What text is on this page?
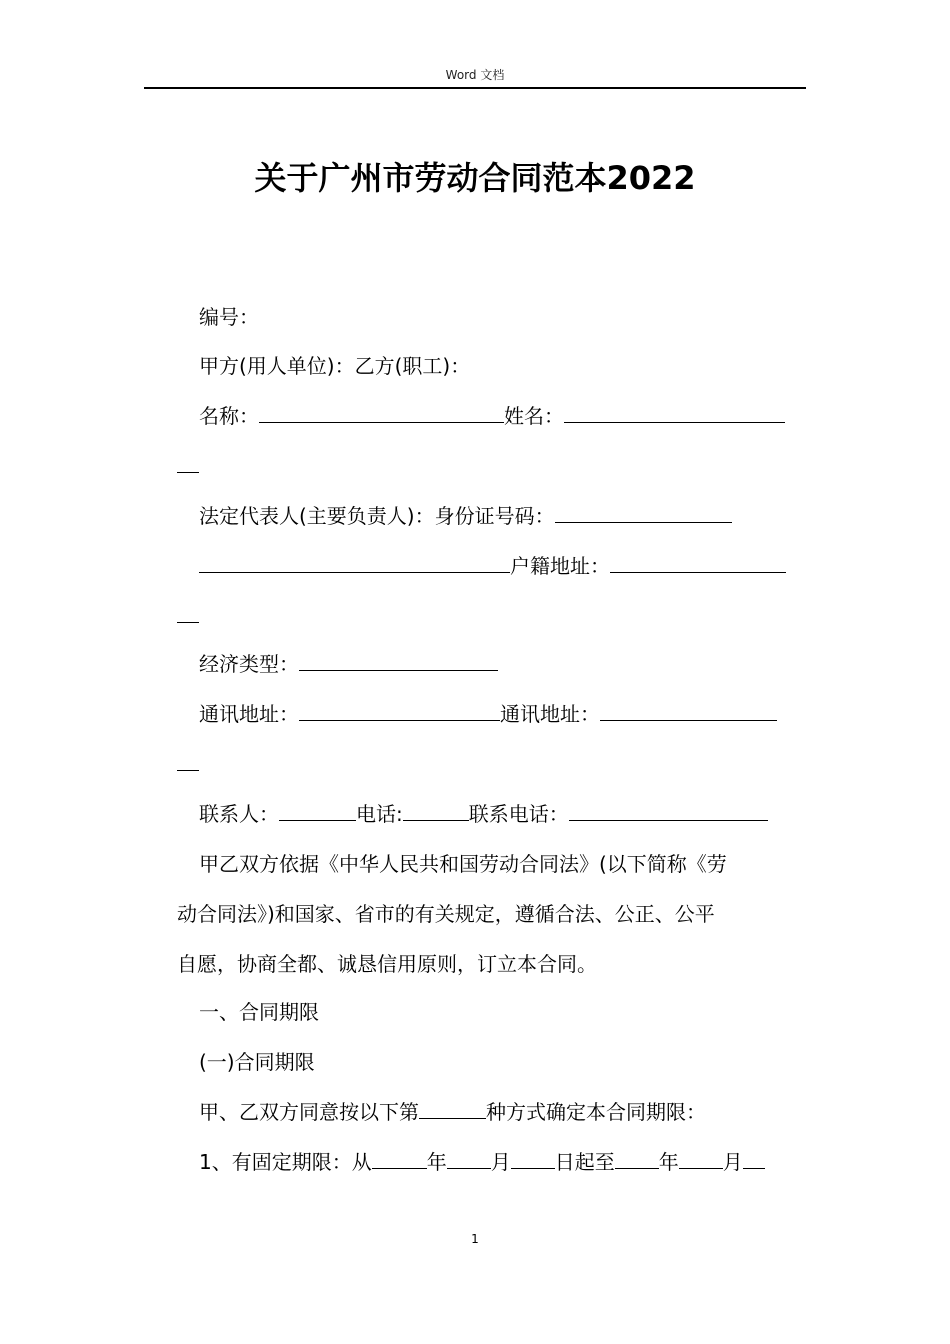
Word 文档
关于广州市劳动合同范本2022
编号：
甲方(用人单位)：乙方(职工)：
名称：	姓名：
法定代表人(主要负责人)：身份证号码：
户籍地址：
经济类型：
通讯地址：	通讯地址：
联系人：	电话:	联系电话：
甲乙双方依据《中华人民共和国劳动合同法》(以下简称《劳
动合同法》)和国家、省市的有关规定，遵循合法、公正、公平
自愿，协商全都、诚恳信用原则，订立本合同。
一、合同期限
(一)合同期限
甲、乙双方同意按以下第	种方式确定本合同期限：
1、有固定期限：从	年 月 日起至 年 月
1
